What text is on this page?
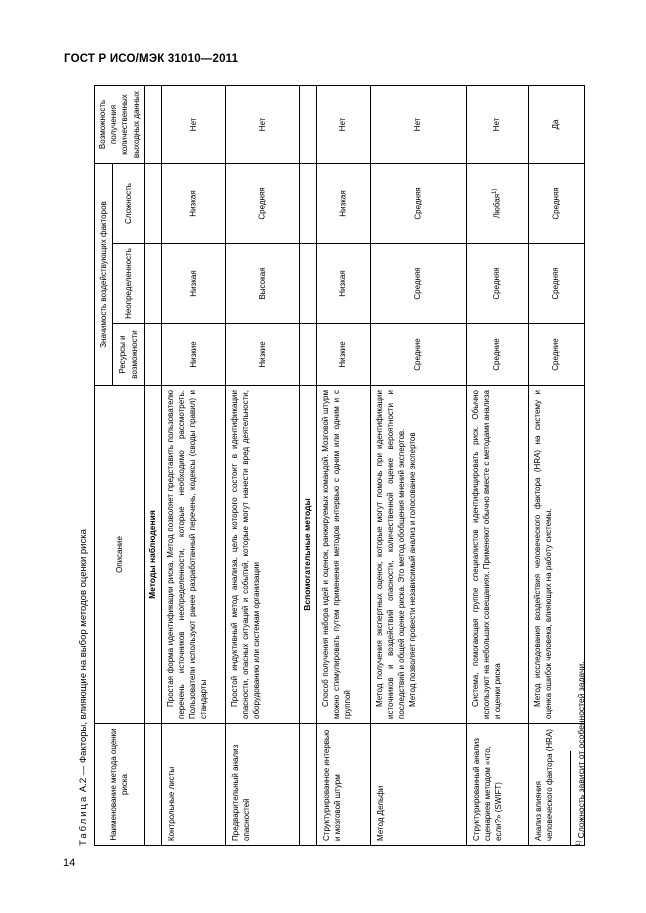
ГОСТ Р ИСО/МЭК 31010—2011
Таблица А.2 — Факторы, влияющие на выбор методов оценки риска
Наименование метода оценки риска	Описание	Значимость воздействующих факторов			Возможность получения количественных выходных данных
		Ресурсы и возможности	Неопределенность	Сложность	
	Методы наблюдения				
Контрольные листы	Простая форма идентификации риска. Метод позволяет представить пользователю перечень источников неопределенности, которые необходимо рассмотреть. Пользователи используют ранее разработанный перечень, кодексы (своды правил) и стандарты	Низкие	Низкая	Низкая	Нет
Предварительный анализ опасностей	Простой индуктивный метод анализа, цель которого состоит в идентификации опасности, опасных ситуаций и событий, которые могут нанести вред деятельности, оборудованию или системам организации	Низкие	Высокая	Средняя	Нет
	Вспомогательные методы				
Структурированное интервью и мозговой штурм	Способ получения набора идей и оценок, ранжируемых командой. Мозговой штурм можно стимулировать путем применения методов интервью с одним или одним и с группой	Низкие	Низкая	Низкая	Нет
Метод Дельфи	Метод получения экспертных оценок, которые могут помочь при идентификации источников и воздействий опасности, количественной оценке вероятности и последствий и общей оценке риска. Это метод обобщения мнений экспертов. Метод позволяет провести независимый анализ и голосование экспертов	Средние	Средняя	Средняя	Нет
Структурированный анализ сценариев методом «что, если?» (SWIFT)	Система, помогающая группе специалистов идентифицировать риск. Обычно используют на небольших совещаниях. Применяют обычно вместе с методами анализа и оценки риска	Средние	Средняя	Любая$^{1)}$	Нет
Анализ влияния человеческого фактора (HRA)	Метод исследования воздействия человеческого фактора (HRA) на систему и оценка ошибок человека, влияющих на работу системы.	Средние	Средняя	Средняя	Да
$^{1)}$ Сложность зависит от особенностей задачи.
14
